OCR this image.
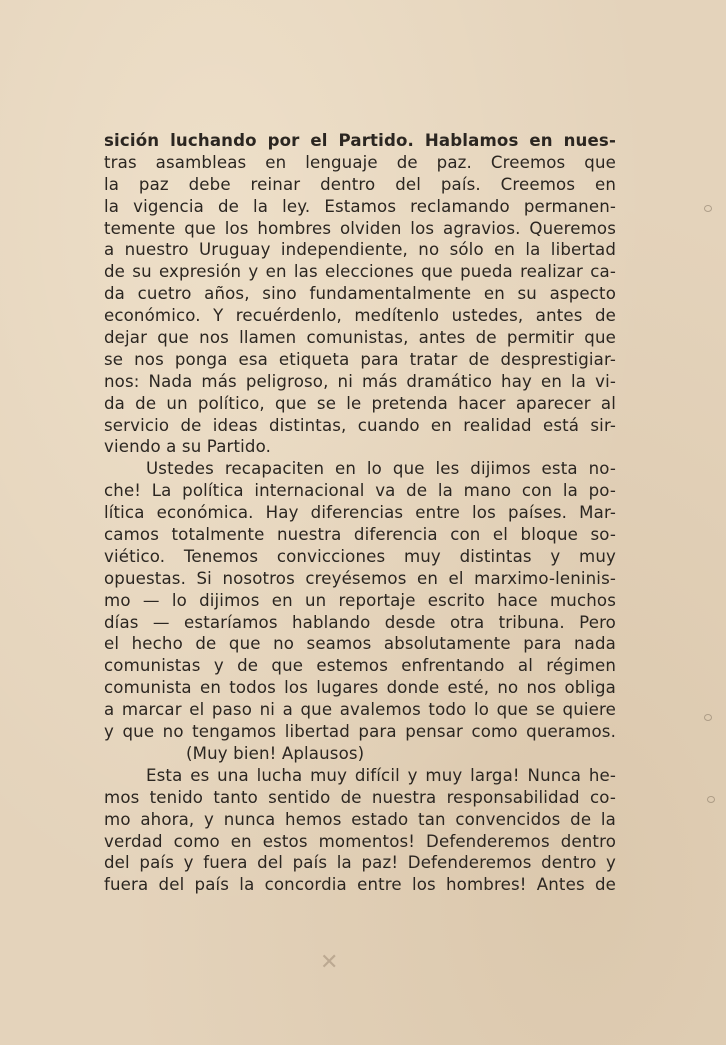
sición luchando por el Partido. Hablamos en nues-
tras asambleas en lenguaje de paz. Creemos que
la paz debe reinar dentro del país. Creemos en
la vigencia de la ley. Estamos reclamando permanen-
temente que los hombres olviden los agravios. Queremos
a nuestro Uruguay independiente, no sólo en la libertad
de su expresión y en las elecciones que pueda realizar ca-
da cuetro años, sino fundamentalmente en su aspecto
económico. Y recuérdenlo, medítenlo ustedes, antes de
dejar que nos llamen comunistas, antes de permitir que
se nos ponga esa etiqueta para tratar de desprestigiar-
nos: Nada más peligroso, ni más dramático hay en la vi-
da de un político, que se le pretenda hacer aparecer al
servicio de ideas distintas, cuando en realidad está sir-
viendo a su Partido.
Ustedes recapaciten en lo que les dijimos esta no-
che! La política internacional va de la mano con la po-
lítica económica. Hay diferencias entre los países. Mar-
camos totalmente nuestra diferencia con el bloque so-
viético. Tenemos convicciones muy distintas y muy
opuestas. Si nosotros creyésemos en el marximo-leninis-
mo — lo dijimos en un reportaje escrito hace muchos
días — estaríamos hablando desde otra tribuna. Pero
el hecho de que no seamos absolutamente para nada
comunistas y de que estemos enfrentando al régimen
comunista en todos los lugares donde esté, no nos obliga
a marcar el paso ni a que avalemos todo lo que se quiere
y que no tengamos libertad para pensar como queramos.
(Muy bien! Aplausos)
Esta es una lucha muy difícil y muy larga! Nunca he-
mos tenido tanto sentido de nuestra responsabilidad co-
mo ahora, y nunca hemos estado tan convencidos de la
verdad como en estos momentos! Defenderemos dentro
del país y fuera del país la paz! Defenderemos dentro y
fuera del país la concordia entre los hombres! Antes de
✕
